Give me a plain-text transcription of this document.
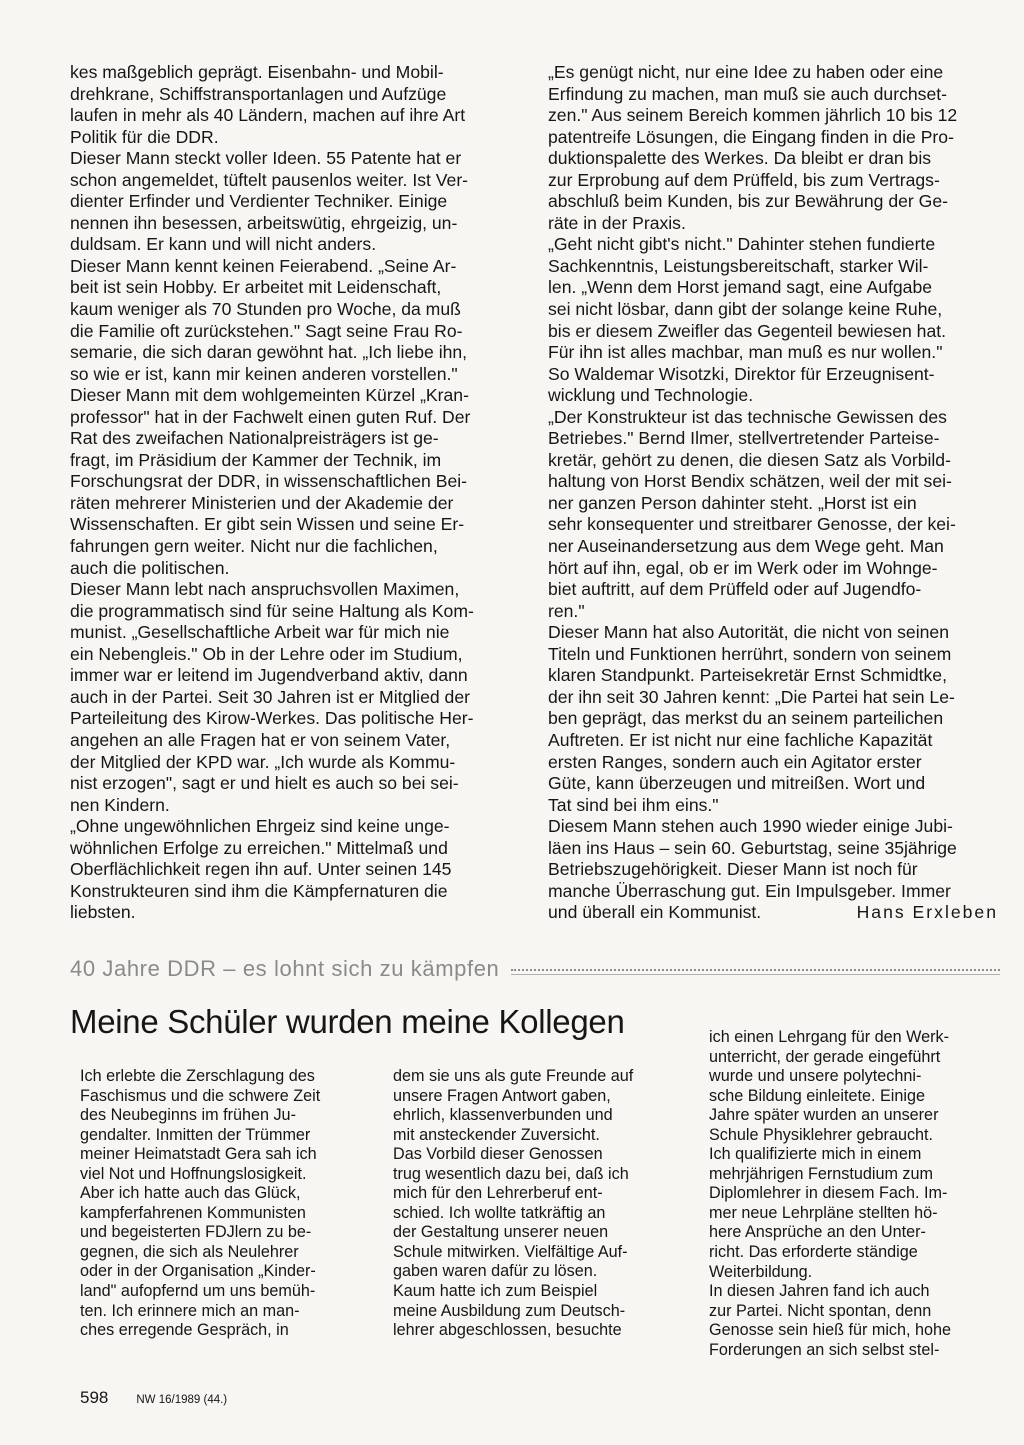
kes maßgeblich geprägt. Eisenbahn- und Mobil-
drehkrane, Schiffstransportanlagen und Aufzüge
laufen in mehr als 40 Ländern, machen auf ihre Art
Politik für die DDR.
Dieser Mann steckt voller Ideen. 55 Patente hat er
schon angemeldet, tüftelt pausenlos weiter. Ist Ver-
dienter Erfinder und Verdienter Techniker. Einige
nennen ihn besessen, arbeitswütig, ehrgeizig, un-
duldsam. Er kann und will nicht anders.
Dieser Mann kennt keinen Feierabend. „Seine Ar-
beit ist sein Hobby. Er arbeitet mit Leidenschaft,
kaum weniger als 70 Stunden pro Woche, da muß
die Familie oft zurückstehen." Sagt seine Frau Ro-
semarie, die sich daran gewöhnt hat. „Ich liebe ihn,
so wie er ist, kann mir keinen anderen vorstellen."
Dieser Mann mit dem wohlgemeinten Kürzel „Kran-
professor" hat in der Fachwelt einen guten Ruf. Der
Rat des zweifachen Nationalpreisträgers ist ge-
fragt, im Präsidium der Kammer der Technik, im
Forschungsrat der DDR, in wissenschaftlichen Bei-
räten mehrerer Ministerien und der Akademie der
Wissenschaften. Er gibt sein Wissen und seine Er-
fahrungen gern weiter. Nicht nur die fachlichen,
auch die politischen.
Dieser Mann lebt nach anspruchsvollen Maximen,
die programmatisch sind für seine Haltung als Kom-
munist. „Gesellschaftliche Arbeit war für mich nie
ein Nebengleis." Ob in der Lehre oder im Studium,
immer war er leitend im Jugendverband aktiv, dann
auch in der Partei. Seit 30 Jahren ist er Mitglied der
Parteileitung des Kirow-Werkes. Das politische Her-
angehen an alle Fragen hat er von seinem Vater,
der Mitglied der KPD war. „Ich wurde als Kommu-
nist erzogen", sagt er und hielt es auch so bei sei-
nen Kindern.
„Ohne ungewöhnlichen Ehrgeiz sind keine unge-
wöhnlichen Erfolge zu erreichen." Mittelmaß und
Oberflächlichkeit regen ihn auf. Unter seinen 145
Konstrukteuren sind ihm die Kämpfernaturen die
liebsten.
„Es genügt nicht, nur eine Idee zu haben oder eine
Erfindung zu machen, man muß sie auch durchset-
zen." Aus seinem Bereich kommen jährlich 10 bis 12
patentreife Lösungen, die Eingang finden in die Pro-
duktionspalette des Werkes. Da bleibt er dran bis
zur Erprobung auf dem Prüffeld, bis zum Vertrags-
abschluß beim Kunden, bis zur Bewährung der Ge-
räte in der Praxis.
„Geht nicht gibt's nicht." Dahinter stehen fundierte
Sachkenntnis, Leistungsbereitschaft, starker Wil-
len. „Wenn dem Horst jemand sagt, eine Aufgabe
sei nicht lösbar, dann gibt der solange keine Ruhe,
bis er diesem Zweifler das Gegenteil bewiesen hat.
Für ihn ist alles machbar, man muß es nur wollen."
So Waldemar Wisotzki, Direktor für Erzeugnisent-
wicklung und Technologie.
„Der Konstrukteur ist das technische Gewissen des
Betriebes." Bernd Ilmer, stellvertretender Parteise-
kretär, gehört zu denen, die diesen Satz als Vorbild-
haltung von Horst Bendix schätzen, weil der mit sei-
ner ganzen Person dahinter steht. „Horst ist ein
sehr konsequenter und streitbarer Genosse, der kei-
ner Auseinandersetzung aus dem Wege geht. Man
hört auf ihn, egal, ob er im Werk oder im Wohnge-
biet auftritt, auf dem Prüffeld oder auf Jugendfo-
ren."
Dieser Mann hat also Autorität, die nicht von seinen
Titeln und Funktionen herrührt, sondern von seinem
klaren Standpunkt. Parteisekretär Ernst Schmidtke,
der ihn seit 30 Jahren kennt: „Die Partei hat sein Le-
ben geprägt, das merkst du an seinem parteilichen
Auftreten. Er ist nicht nur eine fachliche Kapazität
ersten Ranges, sondern auch ein Agitator erster
Güte, kann überzeugen und mitreißen. Wort und
Tat sind bei ihm eins."
Diesem Mann stehen auch 1990 wieder einige Jubi-
läen ins Haus – sein 60. Geburtstag, seine 35jährige
Betriebszugehörigkeit. Dieser Mann ist noch für
manche Überraschung gut. Ein Impulsgeber. Immer
und überall ein Kommunist.	Hans Erxleben
40 Jahre DDR – es lohnt sich zu kämpfen
Meine Schüler wurden meine Kollegen
Ich erlebte die Zerschlagung des
Faschismus und die schwere Zeit
des Neubeginns im frühen Ju-
gendalter. Inmitten der Trümmer
meiner Heimatstadt Gera sah ich
viel Not und Hoffnungslosigkeit.
Aber ich hatte auch das Glück,
kampferfahrenen Kommunisten
und begeisterten FDJlern zu be-
gegnen, die sich als Neulehrer
oder in der Organisation „Kinder-
land" aufopfernd um uns bemüh-
ten. Ich erinnere mich an man-
ches erregende Gespräch, in
dem sie uns als gute Freunde auf
unsere Fragen Antwort gaben,
ehrlich, klassenverbunden und
mit ansteckender Zuversicht.
Das Vorbild dieser Genossen
trug wesentlich dazu bei, daß ich
mich für den Lehrerberuf ent-
schied. Ich wollte tatkräftig an
der Gestaltung unserer neuen
Schule mitwirken. Vielfältige Auf-
gaben waren dafür zu lösen.
Kaum hatte ich zum Beispiel
meine Ausbildung zum Deutsch-
lehrer abgeschlossen, besuchte
ich einen Lehrgang für den Werk-
unterricht, der gerade eingeführt
wurde und unsere polytechni-
sche Bildung einleitete. Einige
Jahre später wurden an unserer
Schule Physiklehrer gebraucht.
Ich qualifizierte mich in einem
mehrjährigen Fernstudium zum
Diplomlehrer in diesem Fach. Im-
mer neue Lehrpläne stellten hö-
here Ansprüche an den Unter-
richt. Das erforderte ständige
Weiterbildung.
In diesen Jahren fand ich auch
zur Partei. Nicht spontan, denn
Genosse sein hieß für mich, hohe
Forderungen an sich selbst stel-
598 NW 16/1989 (44.)
